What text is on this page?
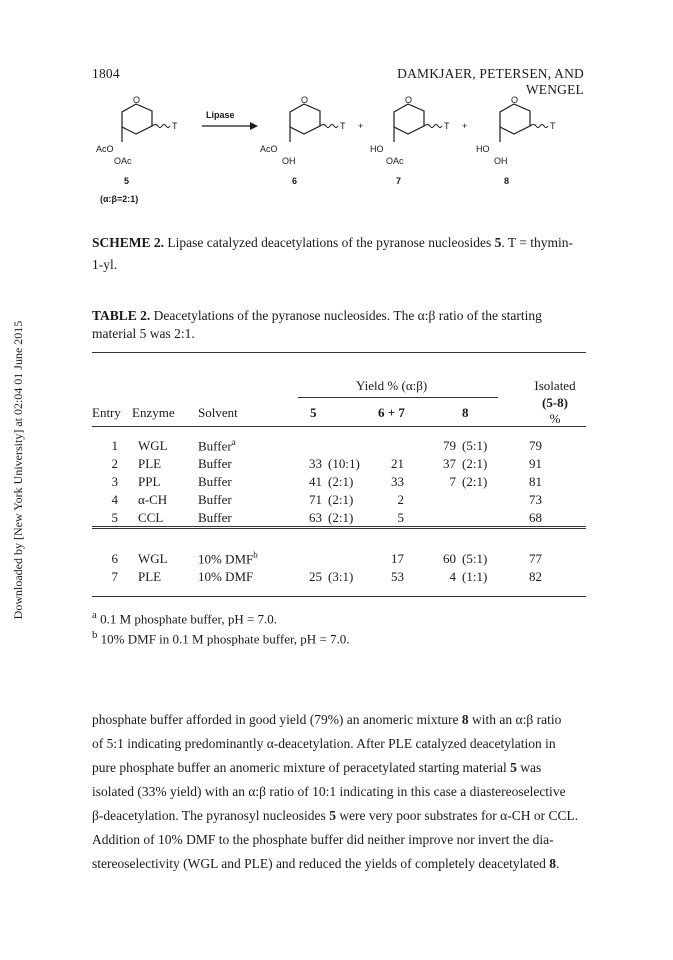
1804	DAMKJAER, PETERSEN, AND WENGEL
Downloaded by [New York University] at 02:04 01 June 2015
O
T
AcO
OAc
5
(α:β=2:1)
Lipase
O
T
AcO
OH
6
+
O
T
HO
OAc
7
+
O
T
HO
OH
8
SCHEME 2. Lipase catalyzed deacetylations of the pyranose nucleosides 5. T = thymin-
1-yl.
TABLE 2. Deacetylations of the pyranose nucleosides. The α:β ratio of the starting
material 5 was 2:1.
Yield % (α:β)	Isolated
(5-8)
Entry Enzyme Solvent	5	6 + 7	8	%
1		WGL	Buffer$^a$					79	(5:1)	79
2		PLE	Buffer	33	(10:1)	21		37	(2:1)	91
3		PPL	Buffer	41	(2:1)	33		7	(2:1)	81
4		α-CH	Buffer	71	(2:1)	2				73
5		CCL	Buffer	63	(2:1)	5				68
6		WGL	10% DMF$^b$			17		60	(5:1)	77
7		PLE	10% DMF	25	(3:1)	53		4	(1:1)	82
$^a$ 0.1 M phosphate buffer, pH = 7.0.
$^b$ 10% DMF in 0.1 M phosphate buffer, pH = 7.0.
phosphate buffer afforded in good yield (79%) an anomeric mixture 8 with an α:β ratio
of 5:1 indicating predominantly α-deacetylation. After PLE catalyzed deacetylation in
pure phosphate buffer an anomeric mixture of peracetylated starting material 5 was
isolated (33% yield) with an α:β ratio of 10:1 indicating in this case a diastereoselective
β-deacetylation. The pyranosyl nucleosides 5 were very poor substrates for α-CH or CCL.
Addition of 10% DMF to the phosphate buffer did neither improve nor invert the dia-
stereoselectivity (WGL and PLE) and reduced the yields of completely deacetylated 8.
